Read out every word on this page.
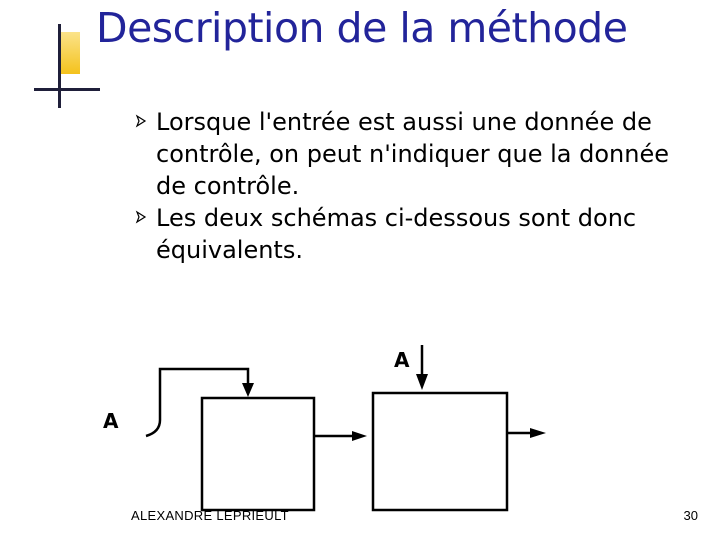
Description de la méthode
Lorsque l'entrée est aussi une donnée de contrôle, on peut n'indiquer que la donnée de contrôle.
Les deux schémas ci-dessous sont donc équivalents.
A
A
ALEXANDRE LEPRIEULT	30
